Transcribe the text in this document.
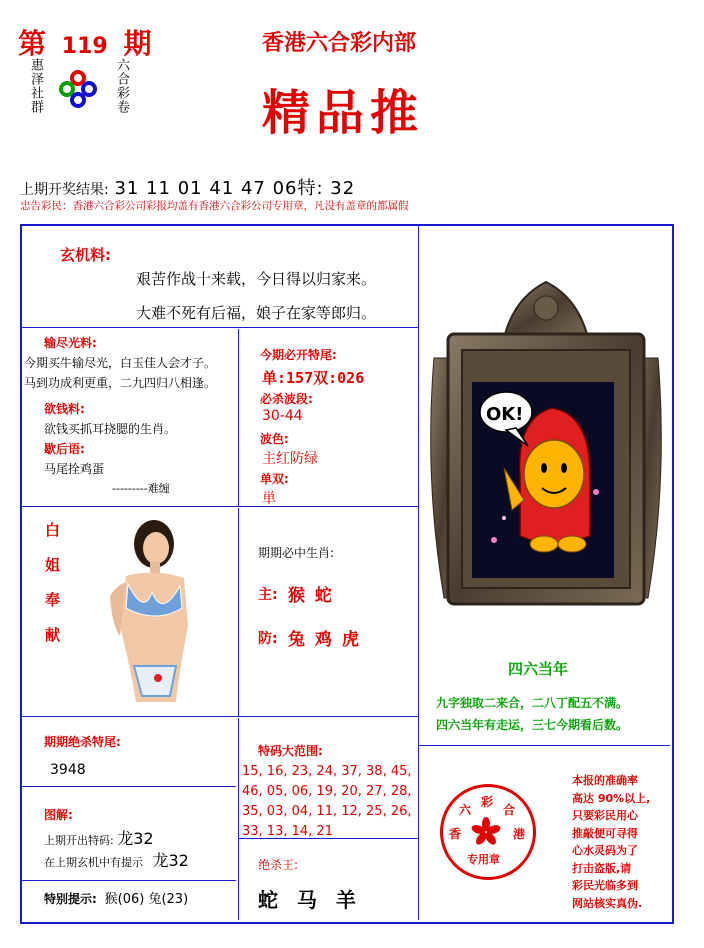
第 119 期
惠泽社群	六合彩卷
香港六合彩内部
精品推
上期开奖结果: 31 11 01 41 47 06特: 32
忠告彩民：香港六合彩公司彩报均盖有香港六合彩公司专用章，凡没有盖章的都属假
玄机料:
艰苦作战十来载，今日得以归家来。
大难不死有后福，娘子在家等郎归。
输尽光料:
今期买牛输尽光，白玉佳人会才子。
马到功成利更重，二九四归八相逢。
欲钱料:
欲钱买抓耳挠腮的生肖。
歇后语:
马尾拴鸡蛋
---------难缠
今期必开特尾:
单:157双:026
必杀波段:
30-44
波色:
主红防绿
单双:
単
OK!
四六当年
九字独取二来合，二八丁配五不满。
四六当年有走运，三七今期看后数。
白姐奉献	期期必中生肖:
主: 猴 蛇
防: 兔 鸡 虎
期期绝杀特尾:
3948
特码大范围:
15, 16, 23, 24, 37, 38, 45,
46, 05, 06, 19, 20, 27, 28,
35, 03, 04, 11, 12, 25, 26,
33, 13, 14, 21
图解:
上期开出特码: 龙32
在上期玄机中有提示 龙32
特别提示: 猴(06) 兔(23)
绝杀王:
蛇 马 羊
六
彩
合
香	港
专用章
本报的准确率
高达 90%以上,
只要彩民用心
推敲便可寻得
心水灵码为了
打击盗版,请
彩民光临多到
网站核实真伪.
